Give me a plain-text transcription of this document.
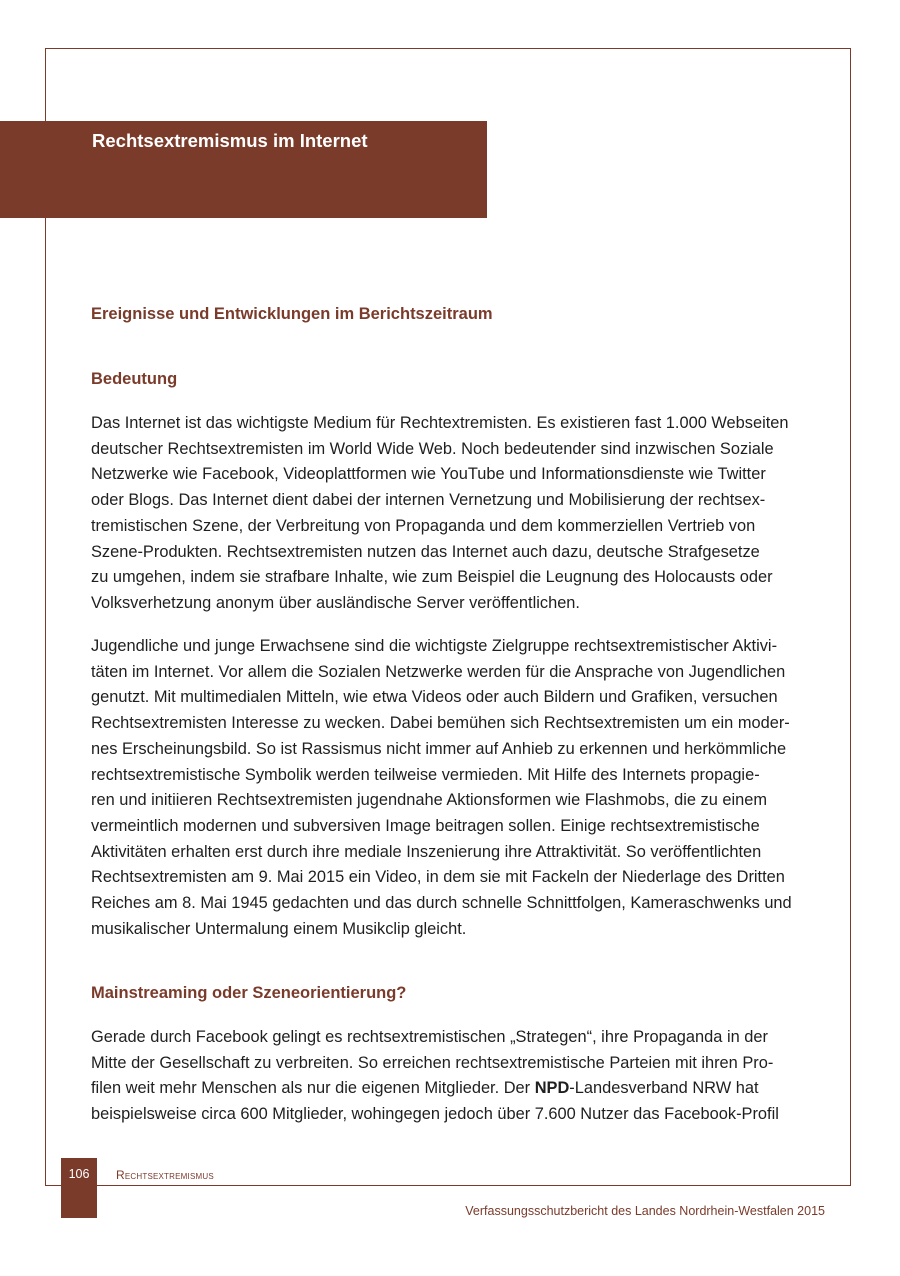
Rechtsextremismus im Internet
Ereignisse und Entwicklungen im Berichtszeitraum
Bedeutung

Das Internet ist das wichtigste Medium für Rechtextremisten. Es existieren fast 1.000 Webseiten
deutscher Rechtsextremisten im World Wide Web. Noch bedeutender sind inzwischen Soziale
Netzwerke wie Facebook, Videoplattformen wie YouTube und Informationsdienste wie Twitter
oder Blogs. Das Internet dient dabei der internen Vernetzung und Mobilisierung der rechtsex-
tremistischen Szene, der Verbreitung von Propaganda und dem kommerziellen Vertrieb von
Szene-Produkten. Rechtsextremisten nutzen das Internet auch dazu, deutsche Strafgesetze
zu umgehen, indem sie strafbare Inhalte, wie zum Beispiel die Leugnung des Holocausts oder
Volksverhetzung anonym über ausländische Server veröffentlichen.

Jugendliche und junge Erwachsene sind die wichtigste Zielgruppe rechtsextremistischer Aktivi-
täten im Internet. Vor allem die Sozialen Netzwerke werden für die Ansprache von Jugendlichen
genutzt. Mit multimedialen Mitteln, wie etwa Videos oder auch Bildern und Grafiken, versuchen
Rechtsextremisten Interesse zu wecken. Dabei bemühen sich Rechtsextremisten um ein moder-
nes Erscheinungsbild. So ist Rassismus nicht immer auf Anhieb zu erkennen und herkömmliche
rechtsextremistische Symbolik werden teilweise vermieden. Mit Hilfe des Internets propagie-
ren und initiieren Rechtsextremisten jugendnahe Aktionsformen wie Flashmobs, die zu einem
vermeintlich modernen und subversiven Image beitragen sollen. Einige rechtsextremistische
Aktivitäten erhalten erst durch ihre mediale Inszenierung ihre Attraktivität. So veröffentlichten
Rechtsextremisten am 9. Mai 2015 ein Video, in dem sie mit Fackeln der Niederlage des Dritten
Reiches am 8. Mai 1945 gedachten und das durch schnelle Schnittfolgen, Kameraschwenks und
musikalischer Untermalung einem Musikclip gleicht.

Mainstreaming oder Szeneorientierung?

Gerade durch Facebook gelingt es rechtsextremistischen „Strategen“, ihre Propaganda in der
Mitte der Gesellschaft zu verbreiten. So erreichen rechtsextremistische Parteien mit ihren Pro-
filen weit mehr Menschen als nur die eigenen Mitglieder. Der NPD-Landesverband NRW hat
beispielsweise circa 600 Mitglieder, wohingegen jedoch über 7.600 Nutzer das Facebook-Profil

106	Rechtsextremismus
Verfassungsschutzbericht des Landes Nordrhein-Westfalen 2015
